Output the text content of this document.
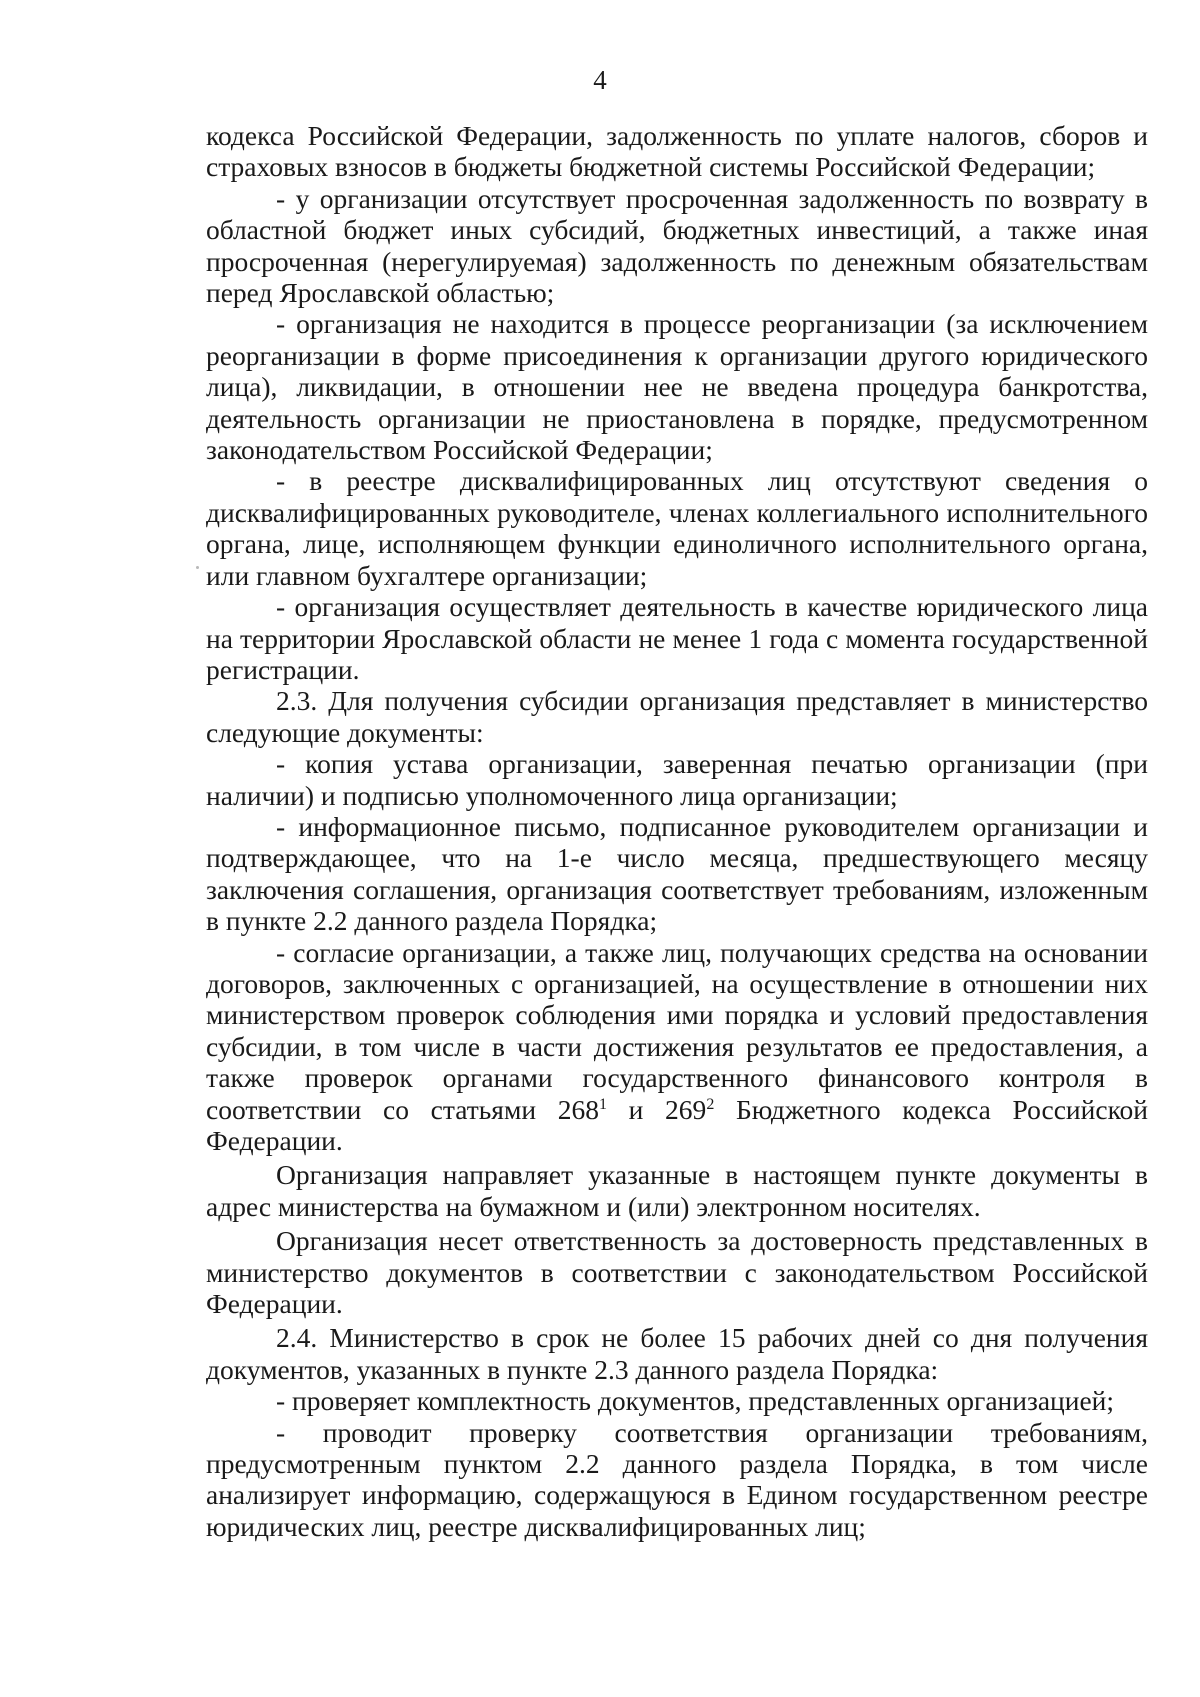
4

кодекса Российской Федерации, задолженность по уплате налогов, сборов и страховых взносов в бюджеты бюджетной системы Российской Федерации;

- у организации отсутствует просроченная задолженность по возврату в областной бюджет иных субсидий, бюджетных инвестиций, а также иная просроченная (нерегулируемая) задолженность по денежным обязательствам перед Ярославской областью;

- организация не находится в процессе реорганизации (за исключением реорганизации в форме присоединения к организации другого юридического лица), ликвидации, в отношении нее не введена процедура банкротства, деятельность организации не приостановлена в порядке, предусмотренном законодательством Российской Федерации;

- в реестре дисквалифицированных лиц отсутствуют сведения о дисквалифицированных руководителе, членах коллегиального исполнительного органа, лице, исполняющем функции единоличного исполнительного органа, или главном бухгалтере организации;

- организация осуществляет деятельность в качестве юридического лица на территории Ярославской области не менее 1 года с момента государственной регистрации.

2.3. Для получения субсидии организация представляет в министерство следующие документы:

- копия устава организации, заверенная печатью организации (при наличии) и подписью уполномоченного лица организации;

- информационное письмо, подписанное руководителем организации и подтверждающее, что на 1-е число месяца, предшествующего месяцу заключения соглашения, организация соответствует требованиям, изложенным в пункте 2.2 данного раздела Порядка;

- согласие организации, а также лиц, получающих средства на основании договоров, заключенных с организацией, на осуществление в отношении них министерством проверок соблюдения ими порядка и условий предоставления субсидии, в том числе в части достижения результатов ее предоставления, а также проверок органами государственного финансового контроля в соответствии со статьями $268^1$ и $269^2$ Бюджетного кодекса Российской Федерации.

Организация направляет указанные в настоящем пункте документы в адрес министерства на бумажном и (или) электронном носителях.

Организация несет ответственность за достоверность представленных в министерство документов в соответствии с законодательством Российской Федерации.

2.4. Министерство в срок не более 15 рабочих дней со дня получения документов, указанных в пункте 2.3 данного раздела Порядка:

- проверяет комплектность документов, представленных организацией;

- проводит проверку соответствия организации требованиям, предусмотренным пунктом 2.2 данного раздела Порядка, в том числе анализирует информацию, содержащуюся в Едином государственном реестре юридических лиц, реестре дисквалифицированных лиц;
